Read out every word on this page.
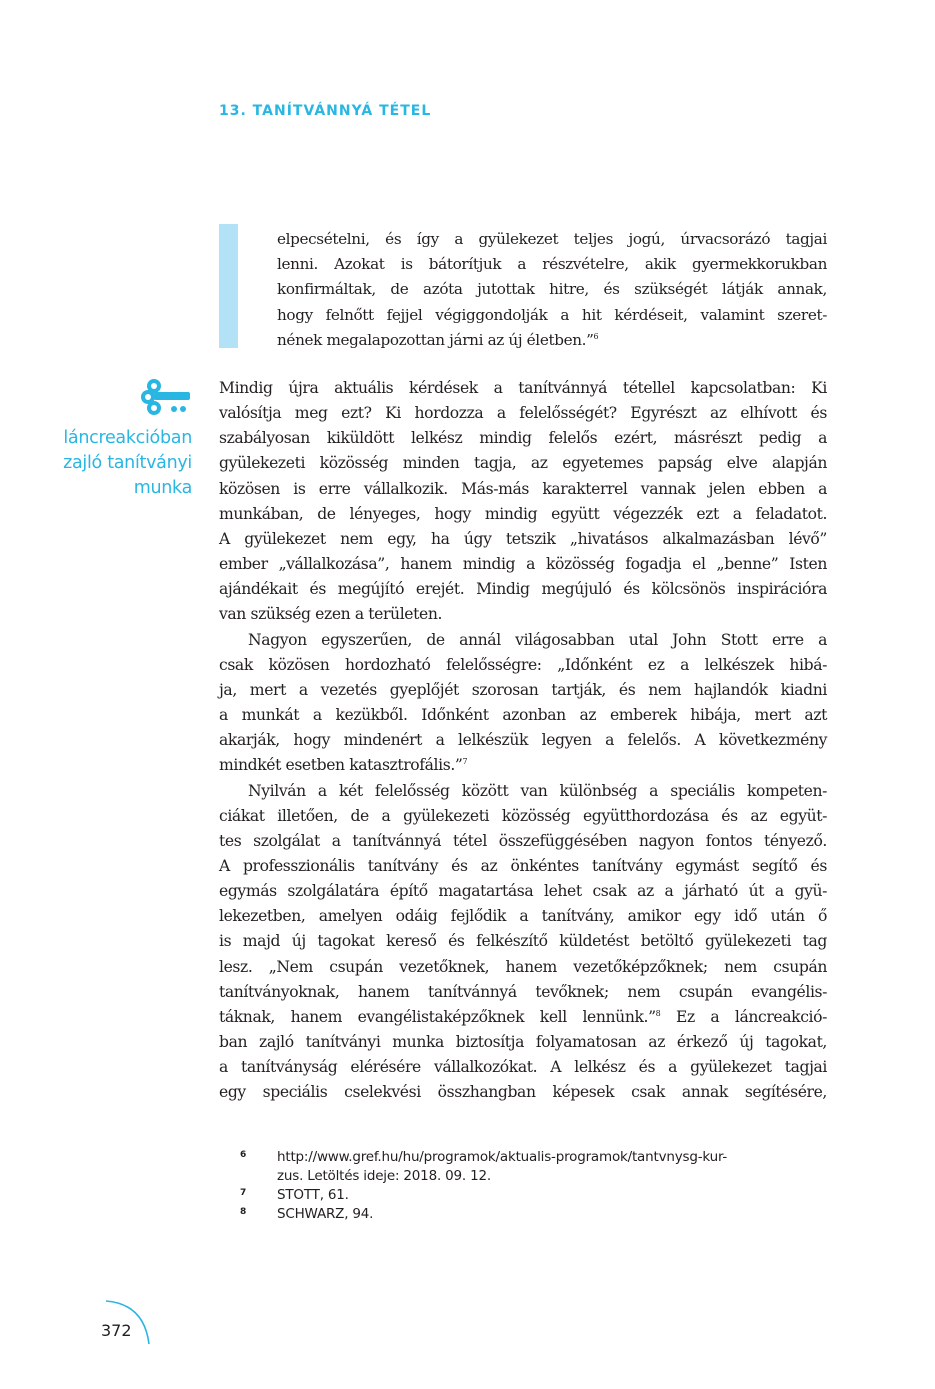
13. TANÍTVÁNNYÁ TÉTEL
elpecsételni, és így a gyülekezet teljes jogú, úrvacsorázó tagjai
lenni. Azokat is bátorítjuk a részvételre, akik gyermekkorukban
konfirmáltak, de azóta jutottak hitre, és szükségét látják annak,
hogy felnőtt fejjel végiggondolják a hit kérdéseit, valamint szeret-
nének megalapozottan járni az új életben.”$^6$
láncreakcióban
zajló tanítványi
munka
Mindig újra aktuális kérdések a tanítvánnyá tétellel kapcsolatban: Ki
valósítja meg ezt? Ki hordozza a felelősségét? Egyrészt az elhívott és
szabályosan kiküldött lelkész mindig felelős ezért, másrészt pedig a
gyülekezeti közösség minden tagja, az egyetemes papság elve alapján
közösen is erre vállalkozik. Más-más karakterrel vannak jelen ebben a
munkában, de lényeges, hogy mindig együtt végezzék ezt a feladatot.
A gyülekezet nem egy, ha úgy tetszik „hivatásos alkalmazásban lévő”
ember „vállalkozása”, hanem mindig a közösség fogadja el „benne” Isten
ajándékait és megújító erejét. Mindig megújuló és kölcsönös inspirációra
van szükség ezen a területen.
Nagyon egyszerűen, de annál világosabban utal John Stott erre a
csak közösen hordozható felelősségre: „Időnként ez a lelkészek hibá-
ja, mert a vezetés gyeplőjét szorosan tartják, és nem hajlandók kiadni
a munkát a kezükből. Időnként azonban az emberek hibája, mert azt
akarják, hogy mindenért a lelkészük legyen a felelős. A következmény
mindkét esetben katasztrofális.”$^7$
Nyilván a két felelősség között van különbség a speciális kompeten-
ciákat illetően, de a gyülekezeti közösség együtthordozása és az együt-
tes szolgálat a tanítvánnyá tétel összefüggésében nagyon fontos tényező.
A professzionális tanítvány és az önkéntes tanítvány egymást segítő és
egymás szolgálatára építő magatartása lehet csak az a járható út a gyü-
lekezetben, amelyen odáig fejlődik a tanítvány, amikor egy idő után ő
is majd új tagokat kereső és felkészítő küldetést betöltő gyülekezeti tag
lesz. „Nem csupán vezetőknek, hanem vezetőképzőknek; nem csupán
tanítványoknak, hanem tanítvánnyá tevőknek; nem csupán evangélis-
táknak, hanem evangélistaképzőknek kell lennünk.”$^8$ Ez a láncreakció-
ban zajló tanítványi munka biztosítja folyamatosan az érkező új tagokat,
a tanítványság elérésére vállalkozókat. A lelkész és a gyülekezet tagjai
egy speciális cselekvési összhangban képesek csak annak segítésére,
6	http://www.gref.hu/hu/programok/aktualis-programok/tantvnysg-kur-
zus. Letöltés ideje: 2018. 09. 12.
7	STOTT, 61.
8	SCHWARZ, 94.
372
